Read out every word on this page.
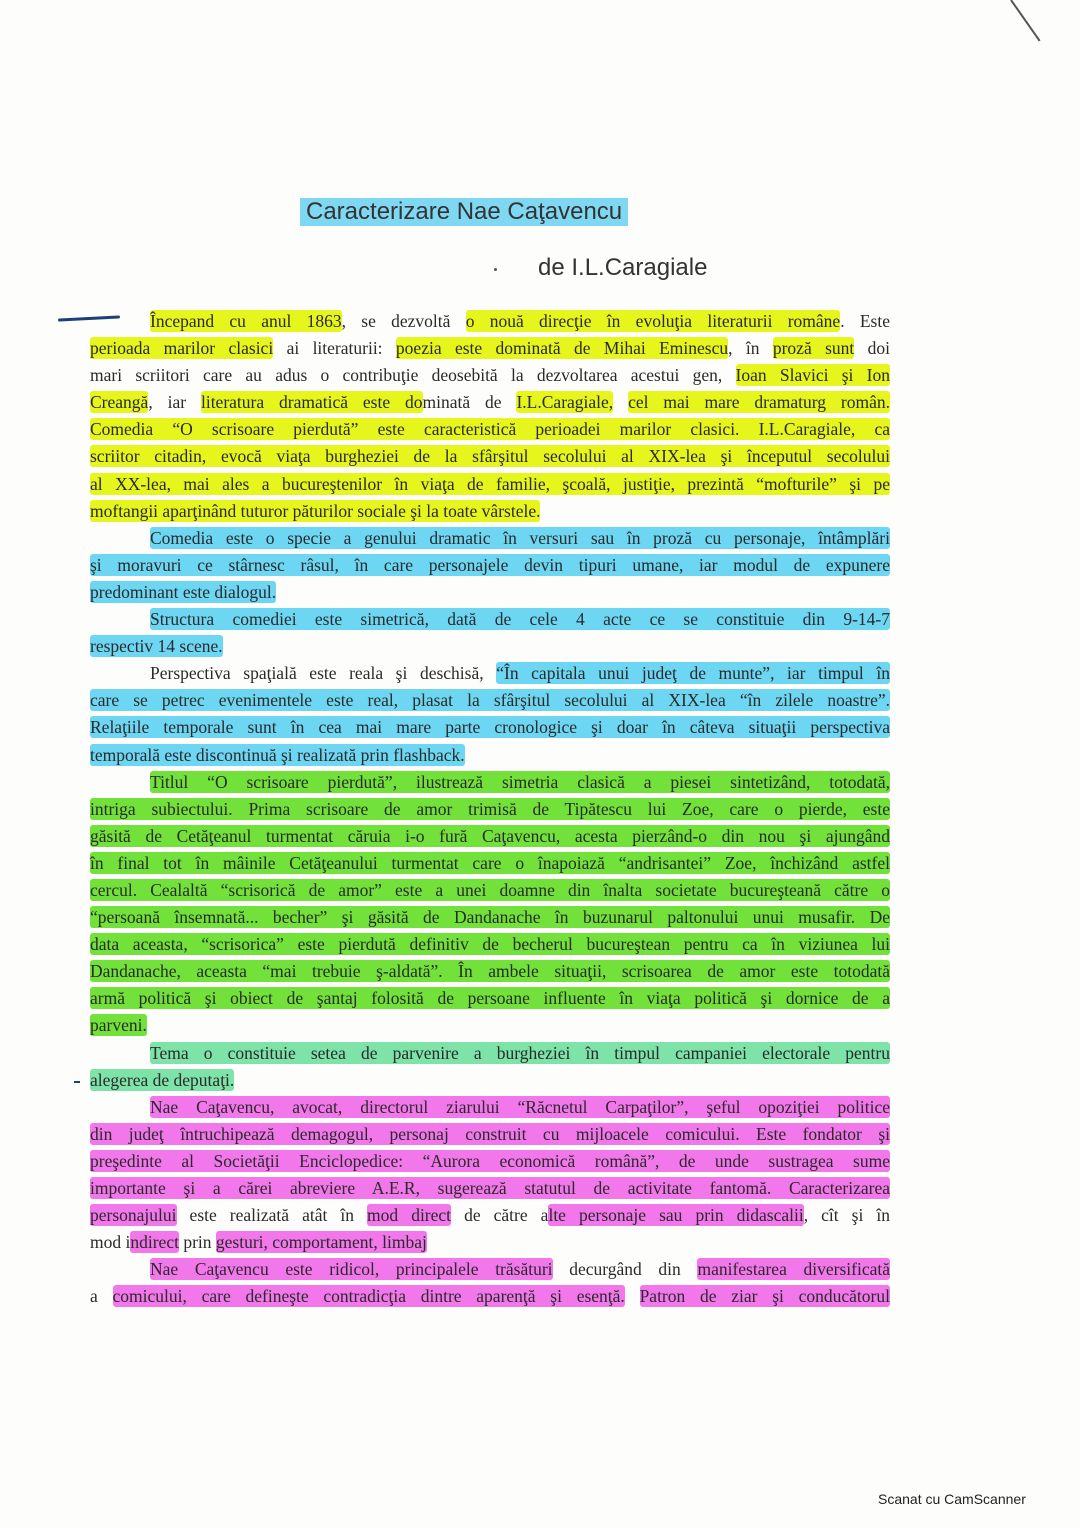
Caracterizare Nae Caţavencu
de I.L.Caragiale
Începand cu anul 1863, se dezvoltă o nouă direcţie în evoluţia literaturii române. Este
perioada marilor clasici ai literaturii: poezia este dominată de Mihai Eminescu, în proză sunt doi
mari scriitori care au adus o contribuţie deosebită la dezvoltarea acestui gen, Ioan Slavici şi Ion
Creangă, iar literatura dramatică este dominată de I.L.Caragiale, cel mai mare dramaturg român.
Comedia “O scrisoare pierdută” este caracteristică perioadei marilor clasici. I.L.Caragiale, ca
scriitor citadin, evocă viaţa burgheziei de la sfârşitul secolului al XIX-lea şi începutul secolului
al XX-lea, mai ales a bucureştenilor în viaţa de familie, şcoală, justiţie, prezintă “mofturile” şi pe
moftangii aparţinând tuturor păturilor sociale şi la toate vârstele.
Comedia este o specie a genului dramatic în versuri sau în proză cu personaje, întâmplări
şi moravuri ce stârnesc râsul, în care personajele devin tipuri umane, iar modul de expunere
predominant este dialogul.
Structura comediei este simetrică, dată de cele 4 acte ce se constituie din 9-14-7
respectiv 14 scene.
Perspectiva spaţială este reala şi deschisă, “În capitala unui judeţ de munte”, iar timpul în
care se petrec evenimentele este real, plasat la sfârşitul secolului al XIX-lea “în zilele noastre”.
Relaţiile temporale sunt în cea mai mare parte cronologice şi doar în câteva situaţii perspectiva
temporală este discontinuă şi realizată prin flashback.
Titlul “O scrisoare pierdută”, ilustrează simetria clasică a piesei sintetizând, totodată,
intriga subiectului. Prima scrisoare de amor trimisă de Tipătescu lui Zoe, care o pierde, este
găsită de Cetăţeanul turmentat căruia i-o fură Caţavencu, acesta pierzând-o din nou şi ajungând
în final tot în mâinile Cetăţeanului turmentat care o înapoiază “andrisantei” Zoe, închizând astfel
cercul. Cealaltă “scrisorică de amor” este a unei doamne din înalta societate bucureşteană către o
“persoană însemnată... becher” şi găsită de Dandanache în buzunarul paltonului unui musafir. De
data aceasta, “scrisorica” este pierdută definitiv de becherul bucureştean pentru ca în viziunea lui
Dandanache, aceasta “mai trebuie ş-aldată”. În ambele situaţii, scrisoarea de amor este totodată
armă politică şi obiect de şantaj folosită de persoane influente în viaţa politică şi dornice de a
parveni.
Tema o constituie setea de parvenire a burgheziei în timpul campaniei electorale pentru
alegerea de deputaţi.
Nae Caţavencu, avocat, directorul ziarului “Răcnetul Carpaţilor”, şeful opoziţiei politice
din judeţ întruchipează demagogul, personaj construit cu mijloacele comicului. Este fondator şi
preşedinte al Societăţii Enciclopedice: “Aurora economică română”, de unde sustragea sume
importante şi a cărei abreviere A.E.R, sugerează statutul de activitate fantomă. Caracterizarea
personajului este realizată atât în mod direct de către alte personaje sau prin didascalii, cît şi în
mod indirect prin gesturi, comportament, limbaj
Nae Caţavencu este ridicol, principalele trăsături decurgând din manifestarea diversificată
a comicului, care defineşte contradicţia dintre aparenţă şi esenţă. Patron de ziar şi conducătorul
Scanat cu CamScanner
